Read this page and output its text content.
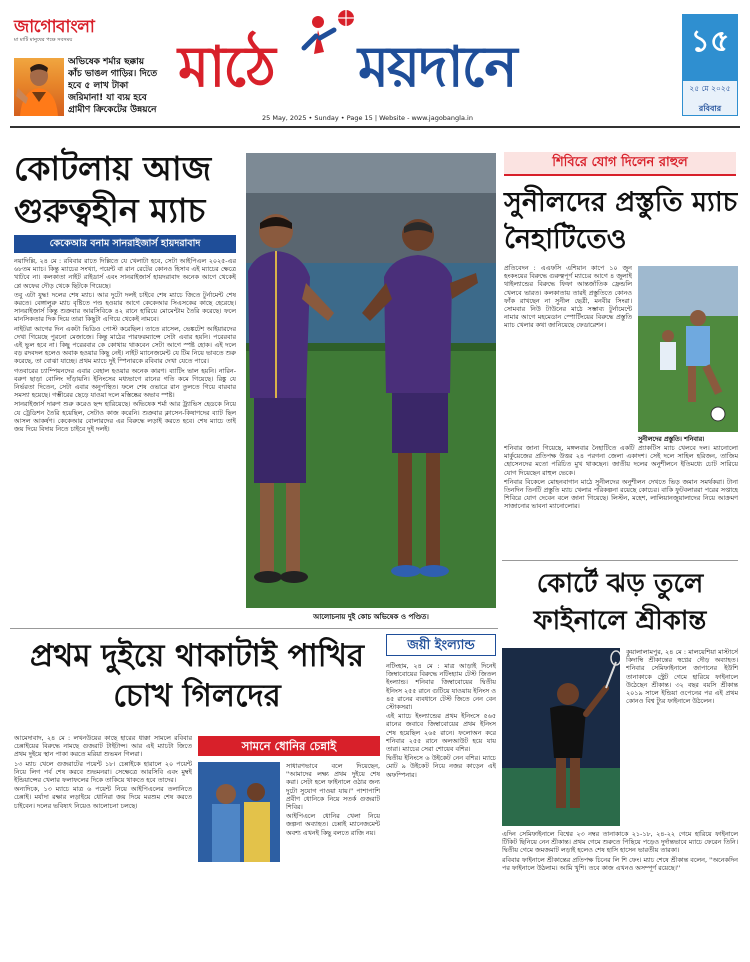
জাগোবাংলা
মা মাটি মানুষের পক্ষে সবসময়
অভিষেক শর্মার ছক্কায় কাঁচ ভাঙল গাড়ির। দিতে হবে ৫ লাখ টাকা জরিমানা! যা ব্যয় হবে গ্রামীণ ক্রিকেটের উন্নয়নে
মাঠে ময়দানে
25 May, 2025 • Sunday • Page 15 | Website - www.jagobangla.in
১৫
২৫ মে ২০২৫
রবিবার
কোটলায় আজ গুরুত্বহীন ম্যাচ
কেকেআর বনাম সানরাইজার্স হায়দরাবাদ

নয়াদিল্লি, ২৪ মে : রবিবার রাতে দিল্লিতে যে খেলাটা হবে, সেটা আইপিএল ২০২৫-এর ৬৮তম ম্যাচ। কিন্তু ম্যাচের সংখ্যা, পয়েন্ট বা রান রেটের কোনও হিসাব এই ম্যাচের ক্ষেত্রে খাটবে না। কলকাতা নাইট রাইডার্স এবং সানরাইজার্স হায়দরাবাদ অনেক আগে থেকেই প্লে অফের দৌড় থেকে ছিটকে গিয়েছে।

তবু এটা যুদ্ধ! দলের শেষ ম্যাচ। আর দুটো দলই চাইবে শেষ ম্যাচে জিতে টুর্নামেন্ট শেষ করতে। বেঙ্গালুরু ম্যাচ বৃষ্টিতে পণ্ড হওয়ার আগে কেকেআর সিএসকের কাছে হেরেছে। সানরাইজার্স কিন্তু শুক্রবার আরসিবিকে ৪২ রানে হারিয়ে মোমেন্টাম তৈরি করেছে। ফলে মানসিকতার দিক দিয়ে তারা কিছুটা এগিয়ে থেকেই নামবে।

নাইটরা আগের দিন একটা ভিডিও পোস্ট করেছিল। তাতে রাসেল, ভেঙ্কটেশ আইয়ারদের দেখা গিয়েছে পুরনো মেজাজে। কিন্তু মাঠের পারফরম্যান্সে সেটা এবার হয়নি। পরেরবার এই ভুল হবে না। কিছু পরেরবার কে কোথায় থাকবেন সেটা আগে স্পষ্ট হোক। এই দলে বড় রদবদল হলেও অবাক হওয়ার কিছু নেই। নাইট ম্যানেজমেন্ট যে টিম নিয়ে ভাবতে শুরু করেছে, তা বোঝা যাচ্ছে। প্রথম ম্যাচে দুই স্পিনারকে রবিবার দেখা যেতে পারে।

গতবারের চ্যাম্পিয়নদের এবার বেহাল হওয়ার অনেক কারণ। ব্যাটিং ভাল হয়নি। নারিন-বরুণ ছাড়া বোলিং দাঁড়ায়নি। ইনিংসের মধ্যভাগে রানের গতি কমে গিয়েছে। রিঙ্কু যে নির্ভরতা দিতেন, সেটা এবার অনুপস্থিত। ফলে শেষ ওভারে রান তুলতে গিয়ে বারবার সমস্যা হয়েছে। গম্ভীরের ছেড়ে যাওয়া দলে মস্তিষ্কের অভাব স্পষ্ট।

সানরাইজার্স দারুণ শুরু করেও ছন্দ হারিয়েছে। অভিষেক শর্মা আর ট্র্যাভিস হেডকে নিয়ে যে ট্রেডিশন তৈরি হয়েছিল, সেটাও কাজ করেনি। শুক্রবার ক্লাসেন-কিষাণদের ব্যাট ছিল আসল আকর্ষণ। কেকেআর বোলারদের এর বিরুদ্ধে লড়াই করতে হবে। শেষ ম্যাচে তাই জয় দিয়ে বিদায় নিতে চাইবে দুই দলই।

আলোচনায় দুই কোচ অভিষেক ও পণ্ডিত।
শিবিরে যোগ দিলেন রাহুল
সুনীলদের প্রস্তুতি ম্যাচ নৈহাটিতেও

প্রতিবেদন : এএফসি এশিয়ান কাপে ১০ জুন হংকংয়ের বিরুদ্ধে গুরুত্বপূর্ণ ম্যাচের আগে ৪ জুলাই থাইল্যান্ডের বিরুদ্ধে ফিফা আন্তর্জাতিক ফ্রেন্ডলি খেলবে ভারত। কলকাতায় তারই প্রস্তুতিতে কোনও ফাঁক রাখছেন না সুনীল ছেত্রী, মনবীর সিংরা। সোমবার নিউ টাউনের মাঠে সম্ভাব্য টুর্নামেন্টে নামার আগে মহমেডান স্পোর্টিংয়ের বিরুদ্ধে প্রস্তুতি ম্যাচ খেলার কথা জানিয়েছে ফেডারেশন।

সুনীলদের প্রস্তুতি। শনিবার।

শনিবার জানা গিয়েছে, মঙ্গলবার নৈহাটিতে একটি প্র্যাকটিস ম্যাচ খেলবে দল। ম্যানোলো মার্কুয়েজের প্রতিপক্ষ উত্তর ২৪ পরগনা জেলা একাদশ। সেই দলে সাহিল হরিজন, তাজিম হোসেনদের মতো পরিচিত মুখ থাকছেন। জাতীয় দলের অনুশীলনে ইতিমধ্যে চোট সারিয়ে যোগ দিয়েছেন রাহুল ভেকে।

শনিবার বিকেলে মোহনবাগান মাঠে সুনীলদের অনুশীলন দেখতে ভিড় জমান সমর্থকরা। টানা তিনদিন তিনটি প্রস্তুতি ম্যাচ খেলার পরিকল্পনা রয়েছে কোচের। বাকি ফুটবলাররা পরের সপ্তাহে শিবিরে যোগ দেবেন বলে জানা গিয়েছে। লিস্টন, মহেশ, লালিয়ানজুয়ালাদের নিয়ে আক্রমণ সাজানোর ভাবনা ম্যানোলোর।

প্রথম দুইয়ে থাকাটাই পাখির চোখ গিলদের

আমেদাবাদ, ২৪ মে : লখনউয়ের কাছে হারের ধাক্কা সামলে রবিবার চেন্নাইয়ের বিরুদ্ধে নামছে গুজরাট টাইটান্স। আর এই ম্যাচটা জিতে প্রথম দুইয়ে স্থান পাকা করতে মরিয়া শুভমন গিলরা।

১৩ ম্যাচ খেলে গুজরাটের পয়েন্ট ১৮। চেন্নাইকে হারালে ২০ পয়েন্ট নিয়ে লিগ পর্ব শেষ করবে শুভমনরা। সেক্ষেত্রে আরসিবি এবং মুম্বই ইন্ডিয়ান্সের খেলার ফলাফলের দিকে তাকিয়ে থাকতে হবে তাদের।

অন্যদিকে, ১৩ ম্যাচে মাত্র ৬ পয়েন্ট নিয়ে আইপিএলের তলানিতে চেন্নাই। মর্যাদা রক্ষার লড়াইয়ে ধোনিরা জয় দিয়ে মরশুম শেষ করতে চাইবেন। দলের ভবিষ্যৎ নিয়েও আলোচনা চলছে।

সামনে ধোনির চেন্নাই

সাধারণভাবে বলে দিয়েছেন, ''আমাদের লক্ষ্য প্রথম দুইয়ে শেষ করা। সেটা হলে ফাইনালে ওঠার জন্য দুটো সুযোগ পাওয়া যায়।'' পাশাপাশি প্রবীণ ধোনিকে নিয়ে সতর্ক গুজরাট শিবির।

আইপিএলে ধোনির খেলা নিয়ে জল্পনা অব্যাহত। চেন্নাই ম্যানেজমেন্ট অবশ্য এখনই কিছু বলতে রাজি নয়।

জয়ী ইংল্যান্ড

নটিংহাম, ২৪ মে : মাত্র আড়াই দিনেই জিম্বাবোয়ের বিরুদ্ধে নটিংহ্যাম টেস্ট জিতল ইংল্যান্ড। শনিবার জিম্বাবোয়ের দ্বিতীয় ইনিংস ২৫৫ রানে গুটিয়ে যাওয়ায় ইনিংস ও ৪৫ রানের ব্যবধানে টেস্ট জিতে নেন বেন স্টোকসরা।

এই ম্যাচে ইংল্যান্ডের প্রথম ইনিংসে ৫৬৫ রানের জবাবে জিম্বাবোয়ের প্রথম ইনিংস শেষ হয়েছিল ২৬৫ রানে। ফলোঅন করে শনিবার ২৫৫ রানে অলআউট হয়ে যায় তারা। ম্যাচের সেরা শোয়েব বশির।

দ্বিতীয় ইনিংসে ৬ উইকেট নেন বশির। ম্যাচে মোট ৯ উইকেট নিয়ে নজর কাড়েন এই অফস্পিনার।

কোর্টে ঝড় তুলে ফাইনালে শ্রীকান্ত

কুয়ালালামপুর, ২৪ মে : মালয়েশিয়া মাস্টার্সে কিদাম্বি শ্রীকান্তের স্বপ্নের দৌড় অব্যাহত। শনিবার সেমিফাইনালে জাপানের ইউশি তানাকাকে স্ট্রেট গেমে হারিয়ে ফাইনালে উঠেছেন শ্রীকান্ত। ৩২ বছর বয়সি শ্রীকান্ত ২০১৯ সালে ইন্ডিয়া ওপেনের পর এই প্রথম কোনও বিশ্ব ট্যুর ফাইনালে উঠলেন।

এদিন সেমিফাইনালে বিশ্বের ২৩ নম্বর তানাকাকে ২১-১৮, ২৪-২২ গেমে হারিয়ে ফাইনালে টিকিট ছিনিয়ে নেন শ্রীকান্ত। প্রথম গেমে শুরুতে পিছিয়ে পড়েও দুর্দান্তভাবে ম্যাচে ফেরেন তিনি। দ্বিতীয় গেমে জমজমাট লড়াই হলেও শেষ হাসি হাসেন ভারতীয় তারকা।

রবিবার ফাইনালে শ্রীকান্তের প্রতিপক্ষ চিনের লি শি ফেং। ম্যাচ শেষে শ্রীকান্ত বলেন, ''অনেকদিন পর ফাইনালে উঠলাম। আমি খুশি। তবে কাজ এখনও অসম্পূর্ণ রয়েছে।''
